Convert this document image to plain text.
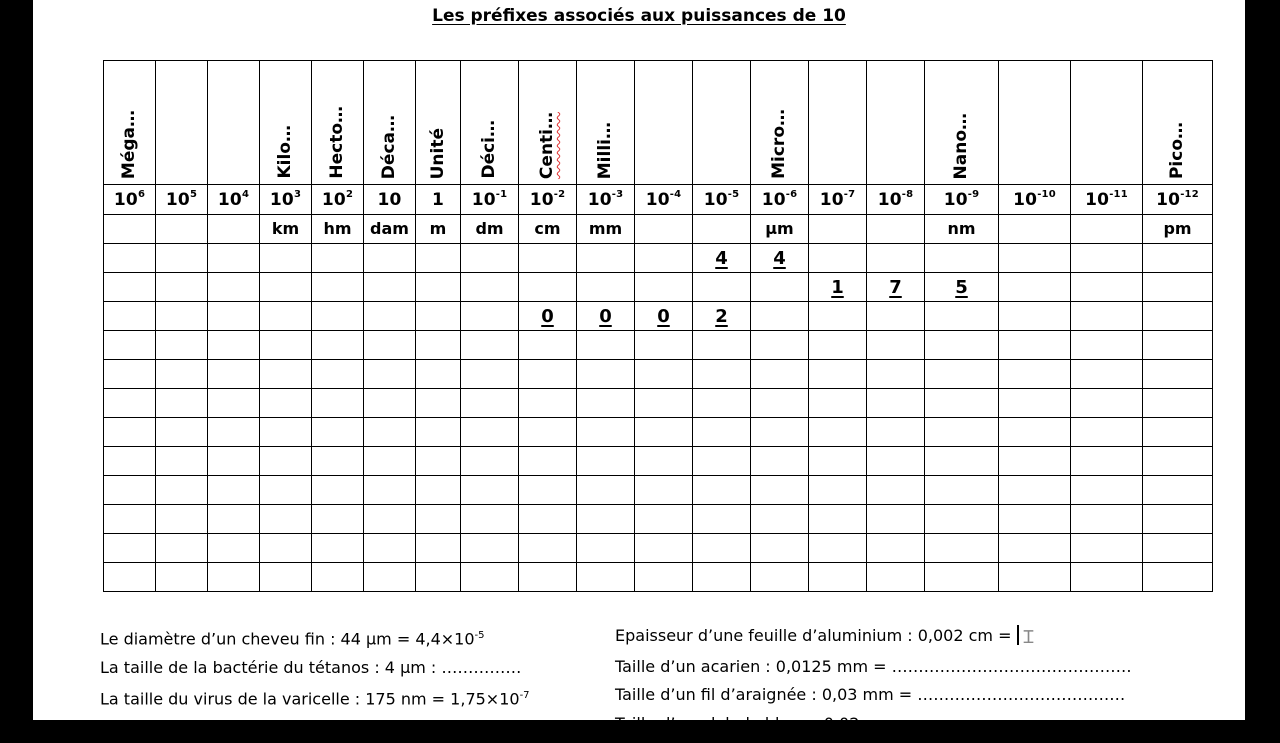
Les préfixes associés aux puissances de 10
Méga…			Kilo…	Hecto…	Déca…	Unité	Déci…	Centi…	Milli…			Micro…			Nano…			Pico…
$10^6$	$10^5$	$10^4$	$10^3$	$10^2$	10	1	$10^{-1}$	$10^{-2}$	$10^{-3}$	$10^{-4}$	$10^{-5}$	$10^{-6}$	$10^{-7}$	$10^{-8}$	$10^{-9}$	$10^{-10}$	$10^{-11}$	$10^{-12}$
			km	hm	dam	m	dm	cm	mm			µm			nm			pm
											4	4						
													1	7	5			
								0	0	0	2							

Le diamètre d’un cheveu fin : 44 $\mu m = 4,4\times 10^{-5}$
La taille de la bactérie du tétanos : 4 µm : ……………
La taille du virus de la varicelle : 175 nm = $1,75\times 10^{-7}$
Taille du coronavirus : 120 nm =
Epaisseur d’une feuille d’aluminium : 0,002 cm = Ɪ
Taille d’un acarien : 0,0125 mm = ………………………………………
Taille d’un fil d’araignée : 0,03 mm = …………………………………
Taille d’un globule blanc : 0,02 mm =
